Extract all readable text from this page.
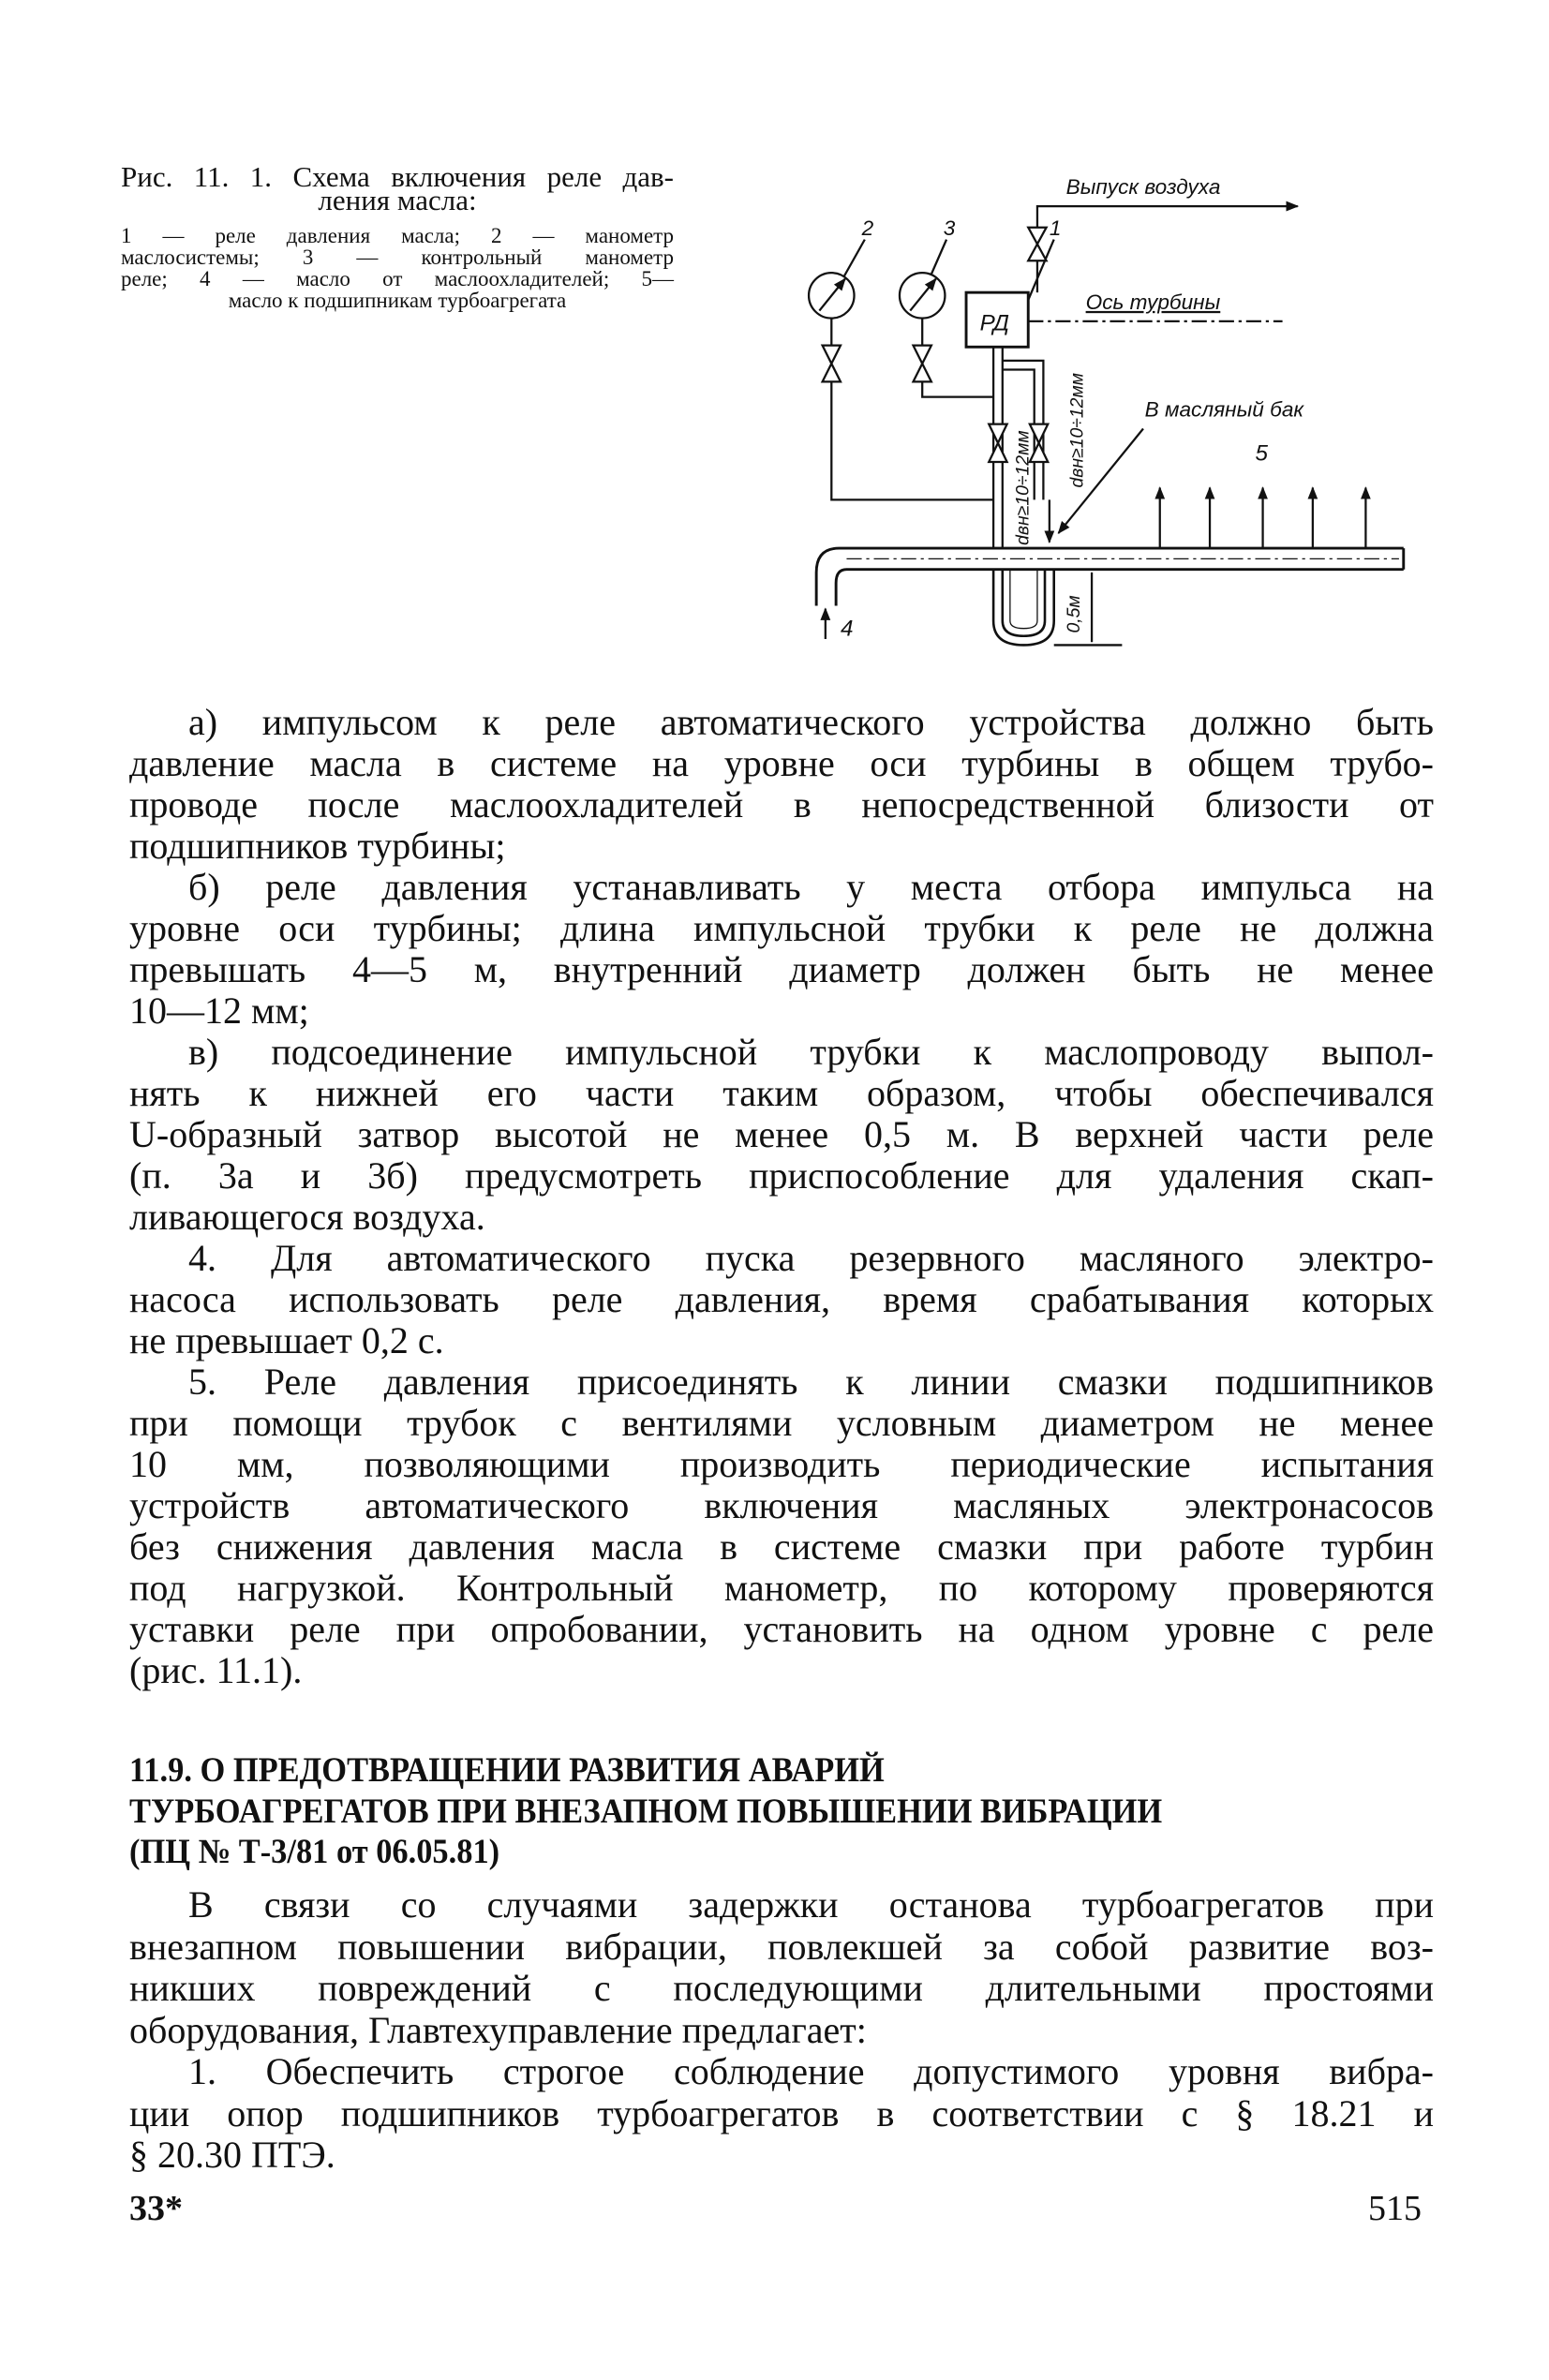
Рис. 11. 1. Схема включения реле дав-
ления масла:
1 — реле давления масла; 2 — манометр
маслосистемы; 3 — контрольный манометр
реле; 4 — масло от маслоохладителей; 5—
масло к подшипникам турбоагрегата
Выпуск воздуха
2	3	1
РД
Ось турбины
dвн≥10÷12мм
dвн≥10÷12мм	В масляный бак
5
4	0,5м
а) импульсом к реле автоматического устройства должно быть
давление масла в системе на уровне оси турбины в общем трубо-
проводе после маслоохладителей в непосредственной близости от
подшипников турбины;
б) реле давления устанавливать у места отбора импульса на
уровне оси турбины; длина импульсной трубки к реле не должна
превышать 4—5 м, внутренний диаметр должен быть не менее
10—12 мм;
в) подсоединение импульсной трубки к маслопроводу выпол-
нять к нижней его части таким образом, чтобы обеспечивался
U-образный затвор высотой не менее 0,5 м. В верхней части реле
(п. 3а и 3б) предусмотреть приспособление для удаления скап-
ливающегося воздуха.
4. Для автоматического пуска резервного масляного электро-
насоса использовать реле давления, время срабатывания которых
не превышает 0,2 с.
5. Реле давления присоединять к линии смазки подшипников
при помощи трубок с вентилями условным диаметром не менее
10 мм, позволяющими производить периодические испытания
устройств автоматического включения масляных электронасосов
без снижения давления масла в системе смазки при работе турбин
под нагрузкой. Контрольный манометр, по которому проверяются
уставки реле при опробовании, установить на одном уровне с реле
(рис. 11.1).
11.9. О ПРЕДОТВРАЩЕНИИ РАЗВИТИЯ АВАРИЙ
ТУРБОАГРЕГАТОВ ПРИ ВНЕЗАПНОМ ПОВЫШЕНИИ ВИБРАЦИИ
(ПЦ № Т-3/81 от 06.05.81)
В связи со случаями задержки останова турбоагрегатов при
внезапном повышении вибрации, повлекшей за собой развитие воз-
никших повреждений с последующими длительными простоями
оборудования, Главтехуправление предлагает:
1. Обеспечить строгое соблюдение допустимого уровня вибра-
ции опор подшипников турбоагрегатов в соответствии с § 18.21 и
§ 20.30 ПТЭ.
33*	515
